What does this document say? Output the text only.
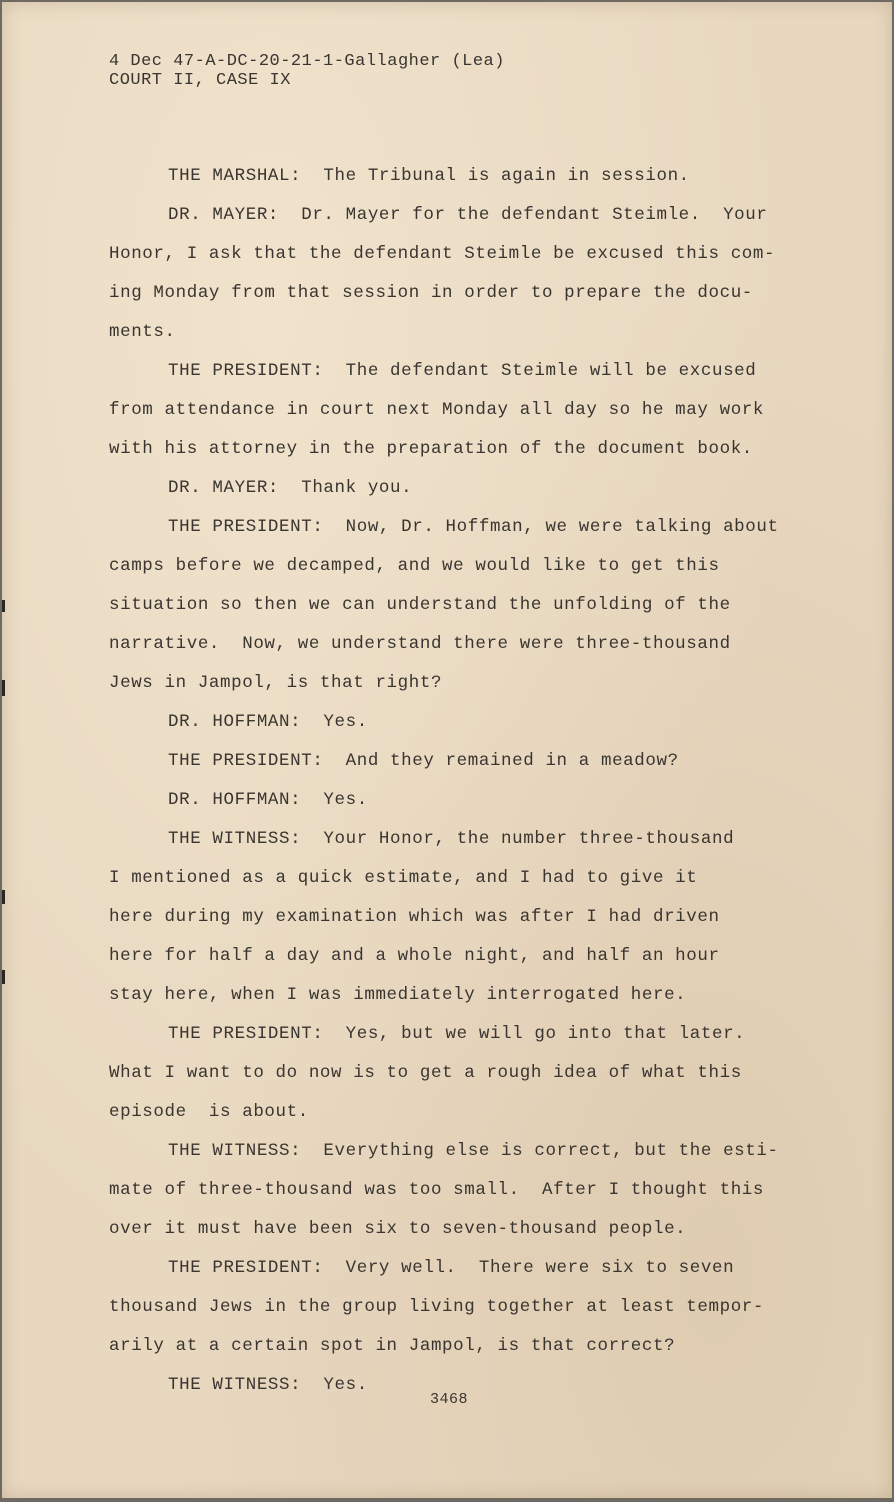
4 Dec 47-A-DC-20-21-1-Gallagher (Lea)
COURT II, CASE IX
THE MARSHAL:  The Tribunal is again in session.
DR. MAYER:  Dr. Mayer for the defendant Steimle.  Your
Honor, I ask that the defendant Steimle be excused this com-
ing Monday from that session in order to prepare the docu-
ments.
THE PRESIDENT:  The defendant Steimle will be excused
from attendance in court next Monday all day so he may work
with his attorney in the preparation of the document book.
DR. MAYER:  Thank you.
THE PRESIDENT:  Now, Dr. Hoffman, we were talking about
camps before we decamped, and we would like to get this
situation so then we can understand the unfolding of the
narrative.  Now, we understand there were three-thousand
Jews in Jampol, is that right?
DR. HOFFMAN:  Yes.
THE PRESIDENT:  And they remained in a meadow?
DR. HOFFMAN:  Yes.
THE WITNESS:  Your Honor, the number three-thousand
I mentioned as a quick estimate, and I had to give it
here during my examination which was after I had driven
here for half a day and a whole night, and half an hour
stay here, when I was immediately interrogated here.
THE PRESIDENT:  Yes, but we will go into that later.
What I want to do now is to get a rough idea of what this
episode  is about.
THE WITNESS:  Everything else is correct, but the esti-
mate of three-thousand was too small.  After I thought this
over it must have been six to seven-thousand people.
THE PRESIDENT:  Very well.  There were six to seven
thousand Jews in the group living together at least tempor-
arily at a certain spot in Jampol, is that correct?
THE WITNESS:  Yes.
3468
